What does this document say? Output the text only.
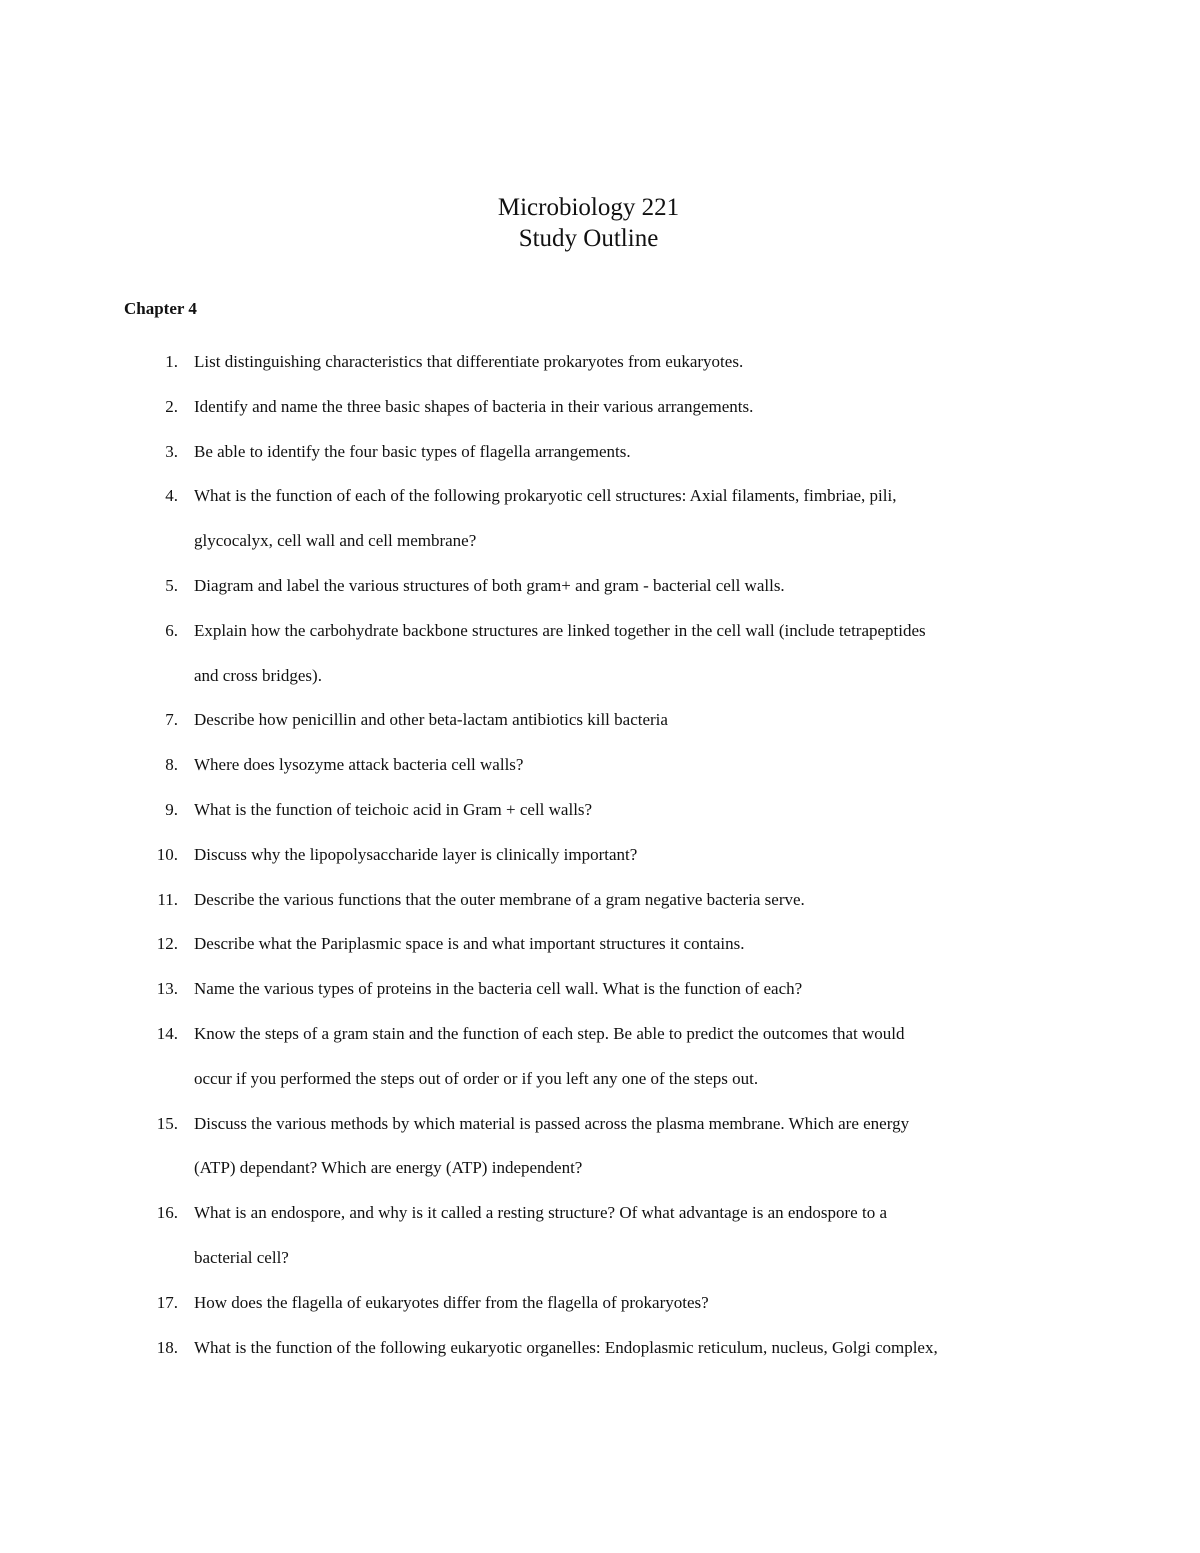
Microbiology 221
Study Outline
Chapter 4
1. List distinguishing characteristics that differentiate prokaryotes from eukaryotes.
2. Identify and name the three basic shapes of bacteria in their various arrangements.
3. Be able to identify the four basic types of flagella arrangements.
4. What is the function of each of the following prokaryotic cell structures: Axial filaments, fimbriae, pili,
glycocalyx, cell wall and cell membrane?
5. Diagram and label the various structures of both gram+ and gram - bacterial cell walls.
6. Explain how the carbohydrate backbone structures are linked together in the cell wall (include tetrapeptides
and cross bridges).
7. Describe how penicillin and other beta-lactam antibiotics kill bacteria
8. Where does lysozyme attack bacteria cell walls?
9. What is the function of teichoic acid in Gram + cell walls?
10. Discuss why the lipopolysaccharide layer is clinically important?
11. Describe the various functions that the outer membrane of a gram negative bacteria serve.
12. Describe what the Pariplasmic space is and what important structures it contains.
13. Name the various types of proteins in the bacteria cell wall. What is the function of each?
14. Know the steps of a gram stain and the function of each step. Be able to predict the outcomes that would
occur if you performed the steps out of order or if you left any one of the steps out.
15. Discuss the various methods by which material is passed across the plasma membrane. Which are energy
(ATP) dependant? Which are energy (ATP) independent?
16. What is an endospore, and why is it called a resting structure? Of what advantage is an endospore to a
bacterial cell?
17. How does the flagella of eukaryotes differ from the flagella of prokaryotes?
18. What is the function of the following eukaryotic organelles: Endoplasmic reticulum, nucleus, Golgi complex,
